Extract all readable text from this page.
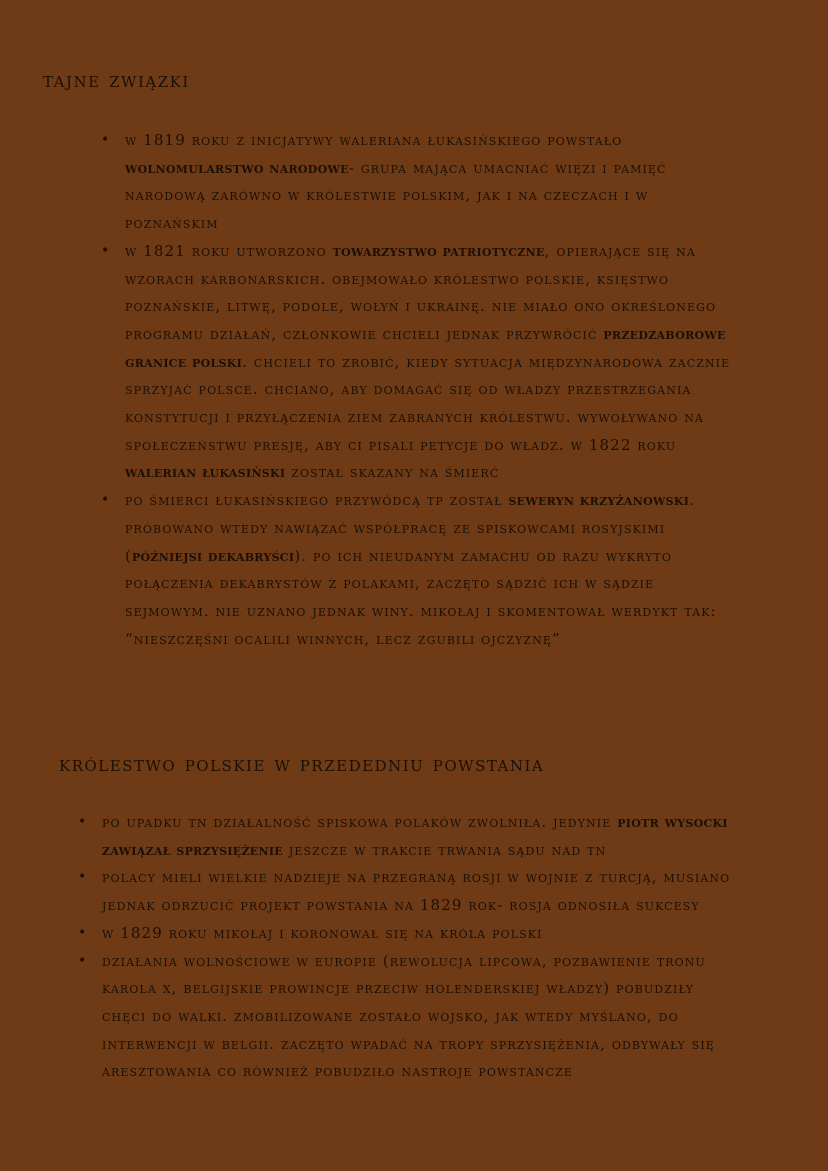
tajne związki
• w 1819 roku z inicjatywy waleriana łukasińskiego powstało wolnomularstwo narodowe- grupa mająca umacniać więzi i pamięć narodową zarówno w królestwie polskim, jak i na czeczach i w poznańskim
• w 1821 roku utworzono towarzystwo patriotyczne, opierające się na wzorach karbonarskich. obejmowało królestwo polskie, księstwo poznańskie, litwę, podole, wołyń i ukrainę. nie miało ono określonego programu działań, członkowie chcieli jednak przywrócić przedzaborowe granice polski. chcieli to zrobić, kiedy sytuacja międzynarodowa zacznie sprzyjać polsce. chciano, aby domagać się od władzy przestrzegania konstytucji i przyłączenia ziem zabranych królestwu. wywoływano na społeczeństwu presję, aby ci pisali petycje do władz. w 1822 roku walerian łukasiński został skazany na śmierć
• po śmierci łukasińskiego przywódcą tp został seweryn krzyżanowski. próbowano wtedy nawiązać współpracę ze spiskowcami rosyjskimi (późniejsi dekabryści). po ich nieudanym zamachu od razu wykryto połączenia dekabrystów z polakami, zaczęto sądzić ich w sądzie sejmowym. nie uznano jednak winy. mikołaj i skomentował werdykt tak: “nieszczęśni ocalili winnych, lecz zgubili ojczyznę”
królestwo polskie w przededniu powstania
• po upadku tn działalność spiskowa polaków zwolniła. jedynie piotr wysocki zawiązał sprzysiężenie jeszcze w trakcie trwania sądu nad tn
• polacy mieli wielkie nadzieje na przegraną rosji w wojnie z turcją, musiano jednak odrzucić projekt powstania na 1829 rok- rosja odnosiła sukcesy
• w 1829 roku mikołaj i koronował się na króla polski
• działania wolnościowe w europie (rewolucja lipcowa, pozbawienie tronu karola x, belgijskie prowincje przeciw holenderskiej władzy) pobudziły chęci do walki. zmobilizowane zostało wojsko, jak wtedy myślano, do interwencji w belgii. zaczęto wpadać na tropy sprzysiężenia, odbywały się aresztowania co również pobudziło nastroje powstańcze
